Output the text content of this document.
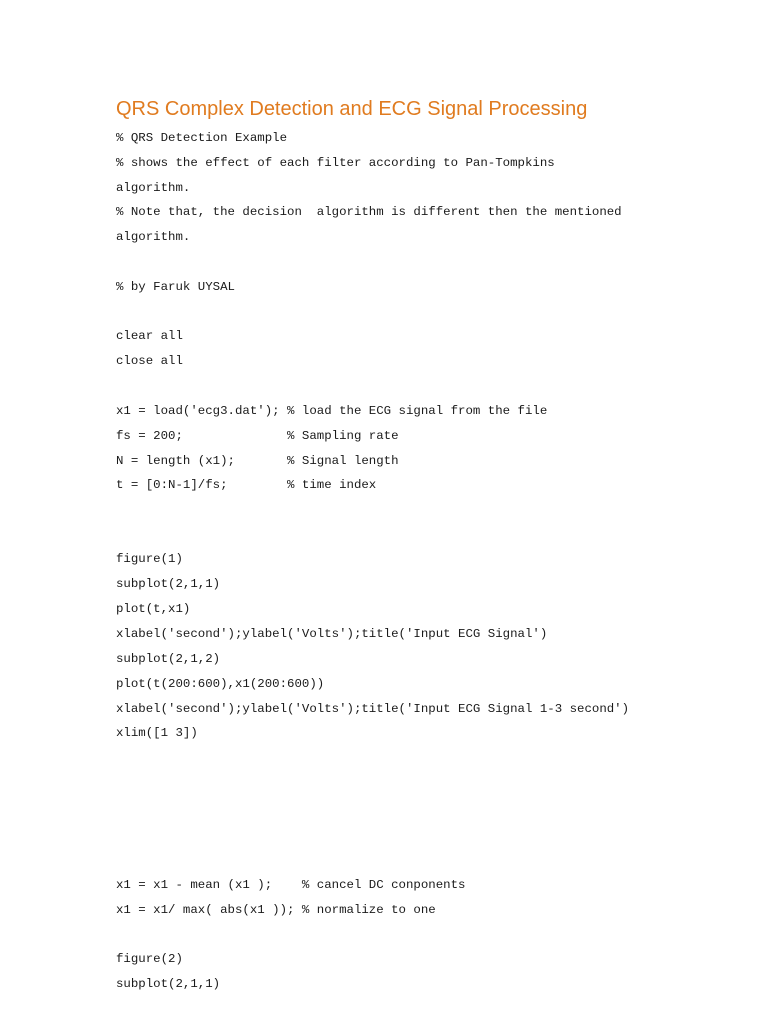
QRS Complex Detection and ECG Signal Processing
% QRS Detection Example
% shows the effect of each filter according to Pan-Tompkins
algorithm.
% Note that, the decision  algorithm is different then the mentioned
algorithm.
% by Faruk UYSAL
clear all
close all
x1 = load('ecg3.dat'); % load the ECG signal from the file
fs = 200;              % Sampling rate
N = length (x1);       % Signal length
t = [0:N-1]/fs;        % time index
figure(1)
subplot(2,1,1)
plot(t,x1)
xlabel('second');ylabel('Volts');title('Input ECG Signal')
subplot(2,1,2)
plot(t(200:600),x1(200:600))
xlabel('second');ylabel('Volts');title('Input ECG Signal 1-3 second')
xlim([1 3])
x1 = x1 - mean (x1 );    % cancel DC conponents
x1 = x1/ max( abs(x1 )); % normalize to one
figure(2)
subplot(2,1,1)
